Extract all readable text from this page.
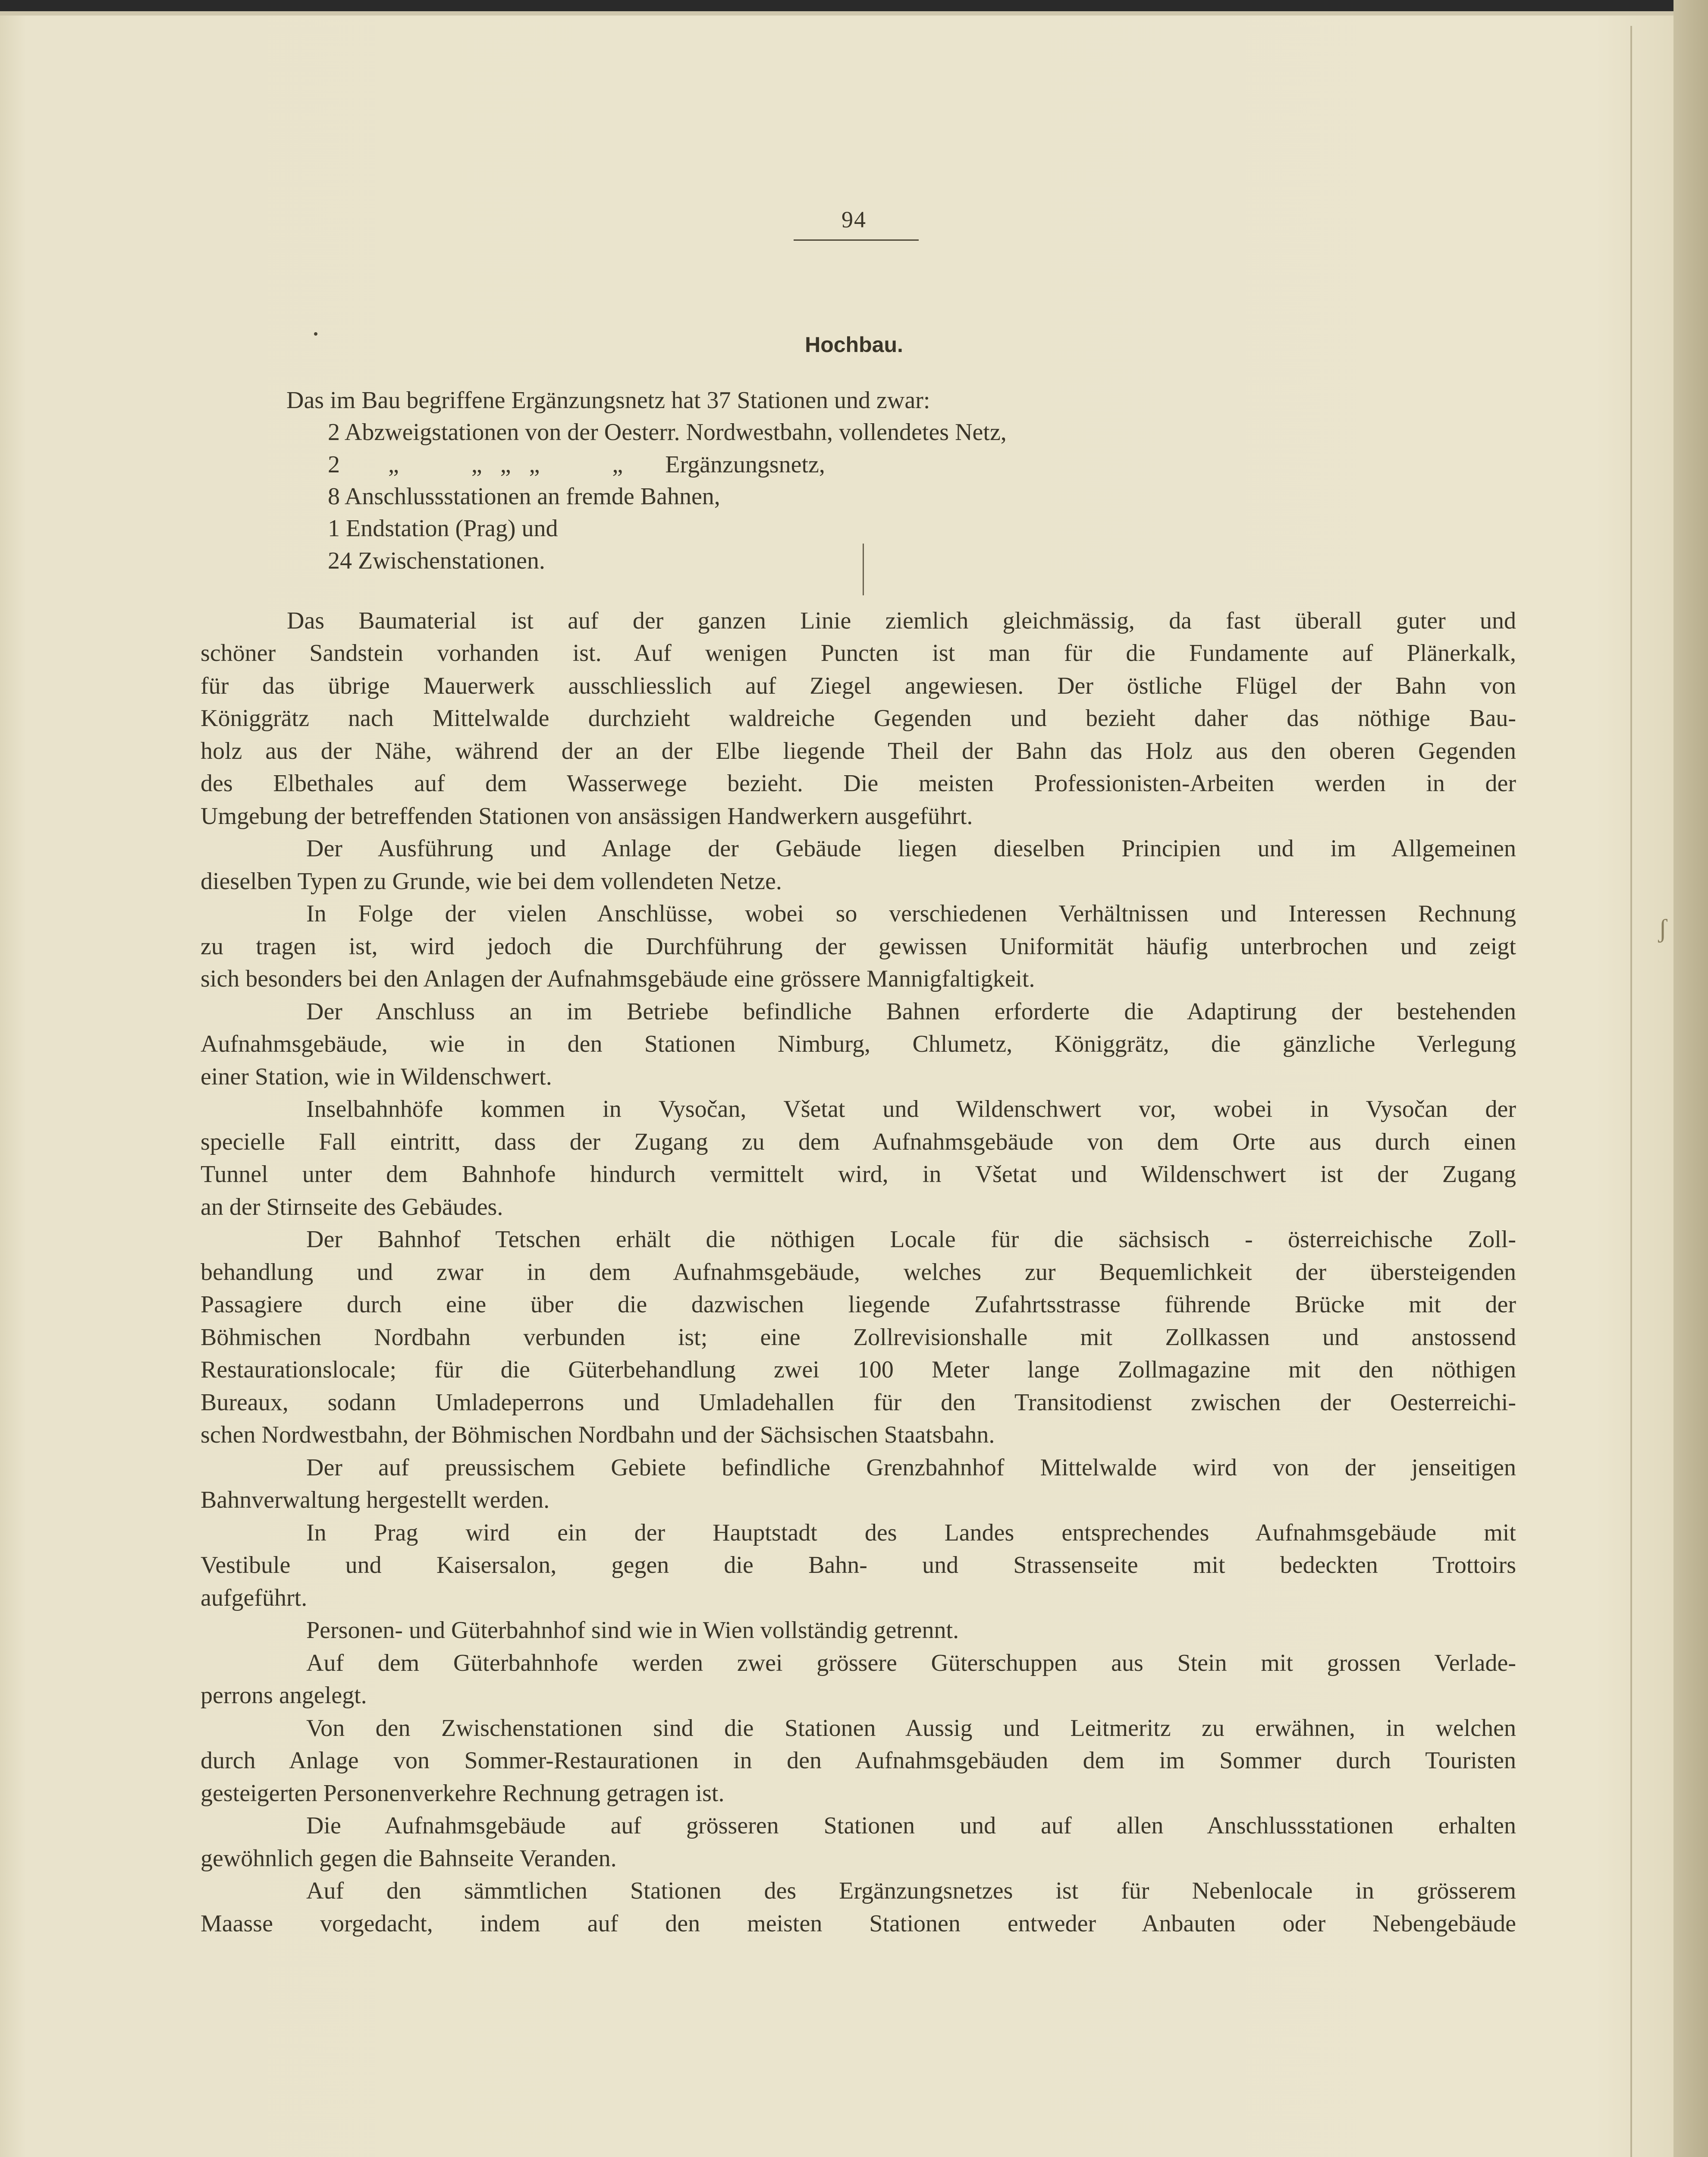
94
Hochbau.
Das im Bau begriffene Ergänzungsnetz hat 37 Stationen und zwar:
2 Abzweigstationen von der Oesterr. Nordwestbahn, vollendetes Netz,
2        „            „   „   „            „       Ergänzungsnetz,
8 Anschlussstationen an fremde Bahnen,
1 Endstation (Prag) und
24 Zwischenstationen.
Das Baumaterial ist auf der ganzen Linie ziemlich gleichmässig, da fast überall guter und
schöner Sandstein vorhanden ist. Auf wenigen Puncten ist man für die Fundamente auf Plänerkalk,
für das übrige Mauerwerk ausschliesslich auf Ziegel angewiesen. Der östliche Flügel der Bahn von
Königgrätz nach Mittelwalde durchzieht waldreiche Gegenden und bezieht daher das nöthige Bau-
holz aus der Nähe, während der an der Elbe liegende Theil der Bahn das Holz aus den oberen Gegenden
des Elbethales auf dem Wasserwege bezieht. Die meisten Professionisten-Arbeiten werden in der
Umgebung der betreffenden Stationen von ansässigen Handwerkern ausgeführt.
Der Ausführung und Anlage der Gebäude liegen dieselben Principien und im Allgemeinen
dieselben Typen zu Grunde, wie bei dem vollendeten Netze.
In Folge der vielen Anschlüsse, wobei so verschiedenen Verhältnissen und Interessen Rechnung
zu tragen ist, wird jedoch die Durchführung der gewissen Uniformität häufig unterbrochen und zeigt
sich besonders bei den Anlagen der Aufnahmsgebäude eine grössere Mannigfaltigkeit.
Der Anschluss an im Betriebe befindliche Bahnen erforderte die Adaptirung der bestehenden
Aufnahmsgebäude, wie in den Stationen Nimburg, Chlumetz, Königgrätz, die gänzliche Verlegung
einer Station, wie in Wildenschwert.
Inselbahnhöfe kommen in Vysočan, Všetat und Wildenschwert vor, wobei in Vysočan der
specielle Fall eintritt, dass der Zugang zu dem Aufnahmsgebäude von dem Orte aus durch einen
Tunnel unter dem Bahnhofe hindurch vermittelt wird, in Všetat und Wildenschwert ist der Zugang
an der Stirnseite des Gebäudes.
Der Bahnhof Tetschen erhält die nöthigen Locale für die sächsisch - österreichische Zoll-
behandlung und zwar in dem Aufnahmsgebäude, welches zur Bequemlichkeit der übersteigenden
Passagiere durch eine über die dazwischen liegende Zufahrtsstrasse führende Brücke mit der
Böhmischen Nordbahn verbunden ist; eine Zollrevisionshalle mit Zollkassen und anstossend
Restaurationslocale; für die Güterbehandlung zwei 100 Meter lange Zollmagazine mit den nöthigen
Bureaux, sodann Umladeperrons und Umladehallen für den Transitodienst zwischen der Oesterreichi-
schen Nordwestbahn, der Böhmischen Nordbahn und der Sächsischen Staatsbahn.
Der auf preussischem Gebiete befindliche Grenzbahnhof Mittelwalde wird von der jenseitigen
Bahnverwaltung hergestellt werden.
In Prag wird ein der Hauptstadt des Landes entsprechendes Aufnahmsgebäude mit
Vestibule und Kaisersalon, gegen die Bahn- und Strassenseite mit bedeckten Trottoirs
aufgeführt.
Personen- und Güterbahnhof sind wie in Wien vollständig getrennt.
Auf dem Güterbahnhofe werden zwei grössere Güterschuppen aus Stein mit grossen Verlade-
perrons angelegt.
Von den Zwischenstationen sind die Stationen Aussig und Leitmeritz zu erwähnen, in welchen
durch Anlage von Sommer-Restaurationen in den Aufnahmsgebäuden dem im Sommer durch Touristen
gesteigerten Personenverkehre Rechnung getragen ist.
Die Aufnahmsgebäude auf grösseren Stationen und auf allen Anschlussstationen erhalten
gewöhnlich gegen die Bahnseite Veranden.
Auf den sämmtlichen Stationen des Ergänzungsnetzes ist für Nebenlocale in grösserem
Maasse vorgedacht, indem auf den meisten Stationen entweder Anbauten oder Nebengebäude
ʃ
